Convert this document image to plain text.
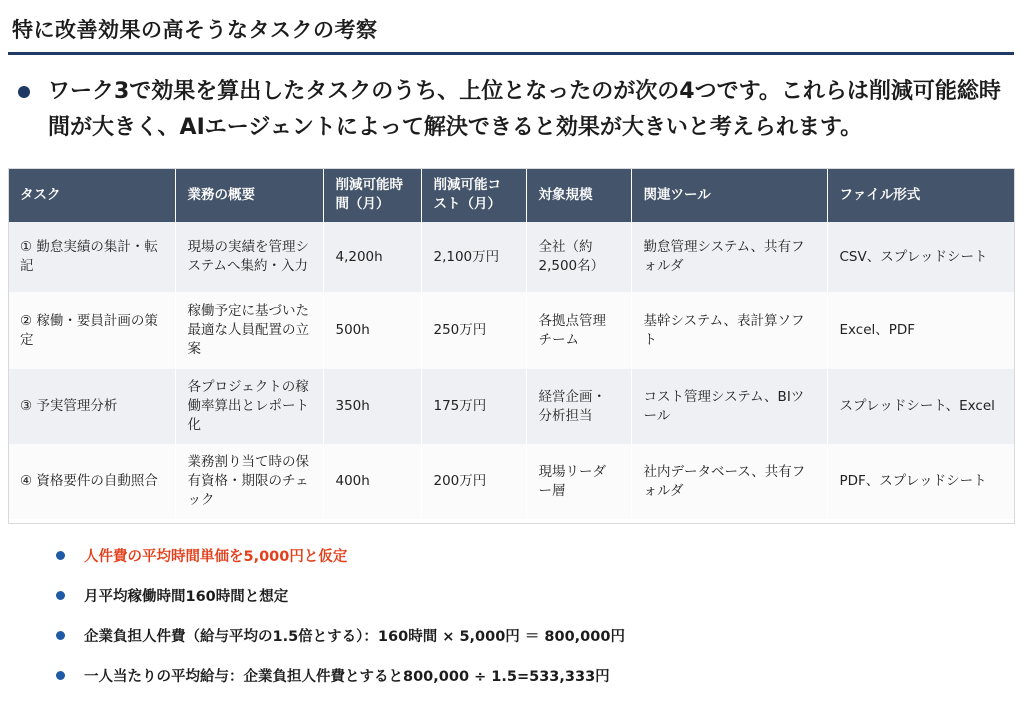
特に改善効果の高そうなタスクの考察
ワーク3で効果を算出したタスクのうち、上位となったのが次の4つです。これらは削減可能総時間が大きく、AIエージェントによって解決できると効果が大きいと考えられます。
タスク	業務の概要	削減可能時間（月）	削減可能コスト（月）	対象規模	関連ツール	ファイル形式
① 勤怠実績の集計・転記	現場の実績を管理システムへ集約・入力	4,200h	2,100万円	全社（約2,500名）	勤怠管理システム、共有フォルダ	CSV、スプレッドシート
② 稼働・要員計画の策定	稼働予定に基づいた最適な人員配置の立案	500h	250万円	各拠点管理チーム	基幹システム、表計算ソフト	Excel、PDF
③ 予実管理分析	各プロジェクトの稼働率算出とレポート化	350h	175万円	経営企画・分析担当	コスト管理システム、BIツール	スプレッドシート、Excel
④ 資格要件の自動照合	業務割り当て時の保有資格・期限のチェック	400h	200万円	現場リーダー層	社内データベース、共有フォルダ	PDF、スプレッドシート
人件費の平均時間単価を5,000円と仮定
月平均稼働時間160時間と想定
企業負担人件費（給与平均の1.5倍とする）：160時間 × 5,000円 ＝ 800,000円
一人当たりの平均給与：企業負担人件費とすると800,000 ÷ 1.5=533,333円
